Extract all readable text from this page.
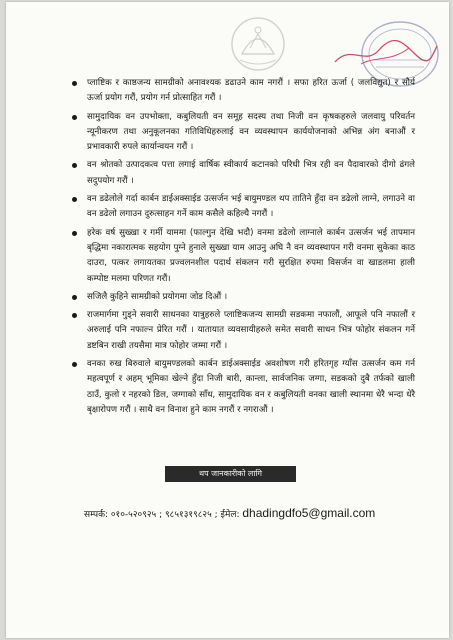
प्लाष्टिक र काष्ठजन्य सामग्रीको अनावश्यक डढाउने काम नगरौं । सफा हरित ऊर्जा ( जलविद्युत) र सौर्य ऊर्जा प्रयोग गरौं, प्रयोग गर्न प्रोत्साहित गरौं ।
सामुदायिक वन उपभोक्ता, कबुलियती वन समूह सदस्य तथा निजी वन कृषकहरुले जलवायु परिवर्तन न्यूनीकरण तथा अनुकूलनका गतिविधिहरुलाई वन व्यवस्थापन कार्ययोजनाको अभिन्न अंग बनाऔं र प्रभावकारी रुपले कार्यान्वयन गरौं ।
वन श्रोतको उत्पादकत्व पत्ता लगाई वार्षिक स्वीकार्य कटानको परिधी भित्र रही वन पैदावारको दीगो ढंगले सदुपयोग गरौं ।
वन डढेलोले गर्दा कार्बन डाईअक्साईड उत्सर्जन भई बायुमण्डल थप तातिने हुँदा वन डढेलो लाग्ने, लगाउने वा वन डढेलो लगाउन दुरुत्साहन गर्ने काम कसैले कहिल्यै नगरौं ।
हरेक वर्ष सुख्खा र गर्मी याममा (फाल्गुन देखि भदौ) वनमा डढेलो लाग्नाले कार्बन उत्सर्जन भई तापमान बृद्धिमा नकारात्मक सहयोग पुग्ने हुनाले सुख्खा याम आउनु अघि नै वन व्यवस्थापन गरी वनमा सुकेका काठ दाउरा, पत्कर लगायतका प्रज्वलनशील पदार्थ संकलन गरी सुरक्षित रुपमा विसर्जन वा खाडलमा हाली कम्पोष्ट मलमा परिणत गरौं।
सजिलै कुहिने सामग्रीको प्रयोगमा जोड दिऔं ।
राजमार्गमा गुड्ने सवारी साधनका यात्रुहरुले प्लाष्टिकजन्य सामग्री सडकमा नफालौं, आफूले पनि नफालौं र अरुलाई पनि नफाल्न प्रेरित गरौं । यातायात व्यवसायीहरुले समेत सवारी साधन भित्र फोहोर संकलन गर्ने डष्टबिन राखी तयसैमा मात्र फोहोर जम्मा गरौं ।
वनका रुख बिरुवाले बायुमण्डलको कार्बन डाईअक्साईड अवशोषण गरी हरितगृह ग्याँस उत्सर्जन कम गर्न महत्वपूर्ण र अहम् भूमिका खेल्ने हुँदा निजी बारी, कान्ला, सार्वजनिक जग्गा, सडकको दुबै तर्फको खाली ठाउँ, कुलो र नहरको डिल, जग्गाको साँध, सामुदायिक वन र कबुलियती वनका खाली स्थानमा धेरै भन्दा धेरै बृक्षारोपण गरौं । साथै वन विनाश हुने काम नगरौं र नगराऔं ।
थप जानकारीको लागि
सम्पर्क: ०१०-५२०९२५ ; ९८५१३१९८२५ ; ईमेल: dhadingdfo5@gmail.com
